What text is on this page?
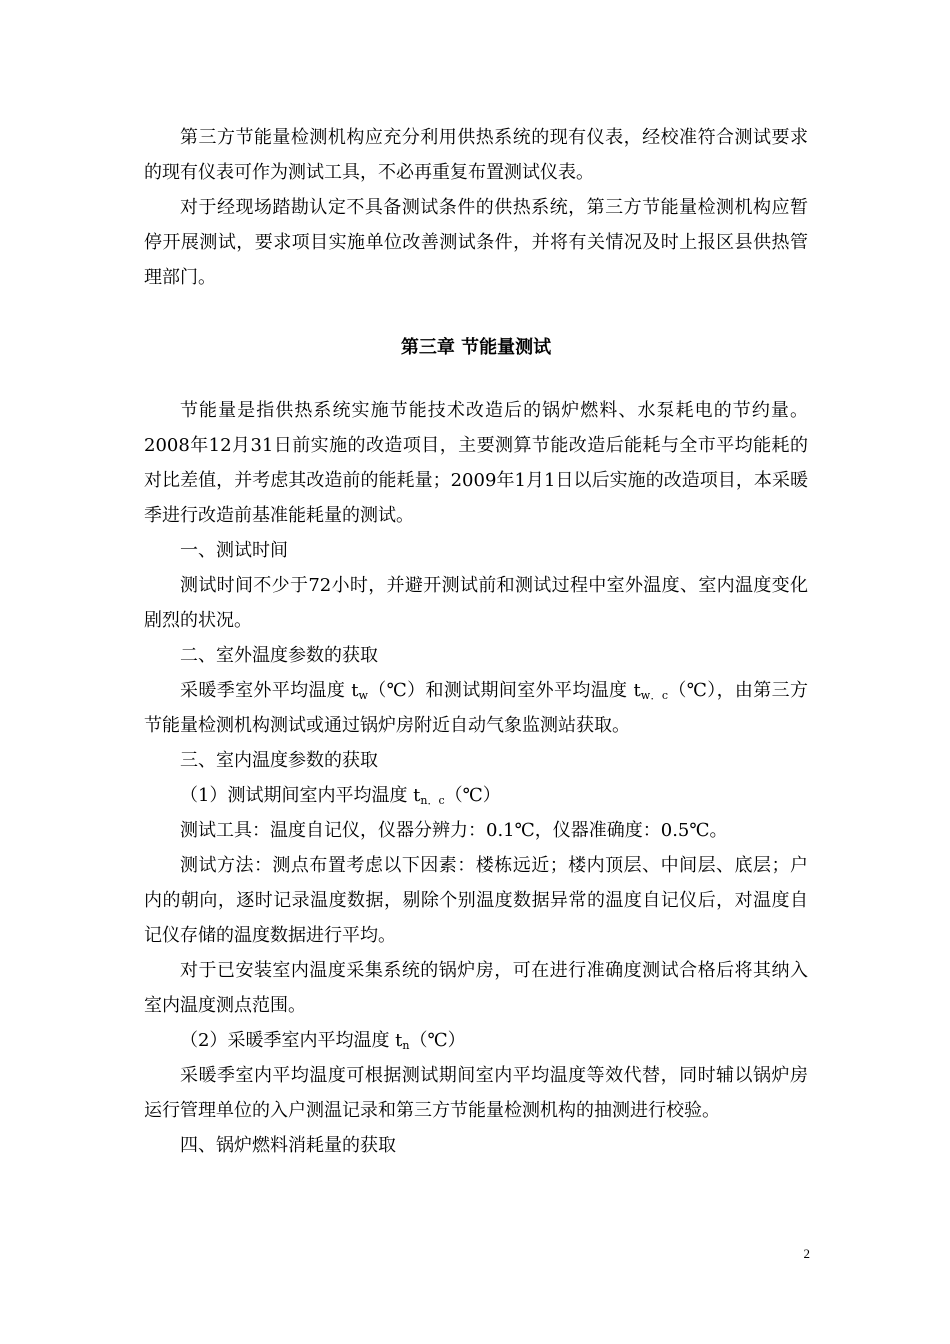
第三方节能量检测机构应充分利用供热系统的现有仪表，经校准符合测试要求的现有仪表可作为测试工具，不必再重复布置测试仪表。

对于经现场踏勘认定不具备测试条件的供热系统，第三方节能量检测机构应暂停开展测试，要求项目实施单位改善测试条件，并将有关情况及时上报区县供热管理部门。

第三章 节能量测试

节能量是指供热系统实施节能技术改造后的锅炉燃料、水泵耗电的节约量。2008年12月31日前实施的改造项目，主要测算节能改造后能耗与全市平均能耗的对比差值，并考虑其改造前的能耗量；2009年1月1日以后实施的改造项目，本采暖季进行改造前基准能耗量的测试。

一、测试时间

测试时间不少于72小时，并避开测试前和测试过程中室外温度、室内温度变化剧烈的状况。

二、室外温度参数的获取

采暖季室外平均温度 $t_w(℃)$和测试期间室外平均温度 $t_{w.c}(℃)$，由第三方节能量检测机构测试或通过锅炉房附近自动气象监测站获取。

三、室内温度参数的获取

（1）测试期间室内平均温度 $t_{n.c}(℃)$

测试工具：温度自记仪，仪器分辨力：0.1℃，仪器准确度：0.5℃。

测试方法：测点布置考虑以下因素：楼栋远近；楼内顶层、中间层、底层；户内的朝向，逐时记录温度数据，剔除个别温度数据异常的温度自记仪后，对温度自记仪存储的温度数据进行平均。

对于已安装室内温度采集系统的锅炉房，可在进行准确度测试合格后将其纳入室内温度测点范围。

（2）采暖季室内平均温度 $t_n(℃)$

采暖季室内平均温度可根据测试期间室内平均温度等效代替，同时辅以锅炉房运行管理单位的入户测温记录和第三方节能量检测机构的抽测进行校验。

四、锅炉燃料消耗量的获取

2
